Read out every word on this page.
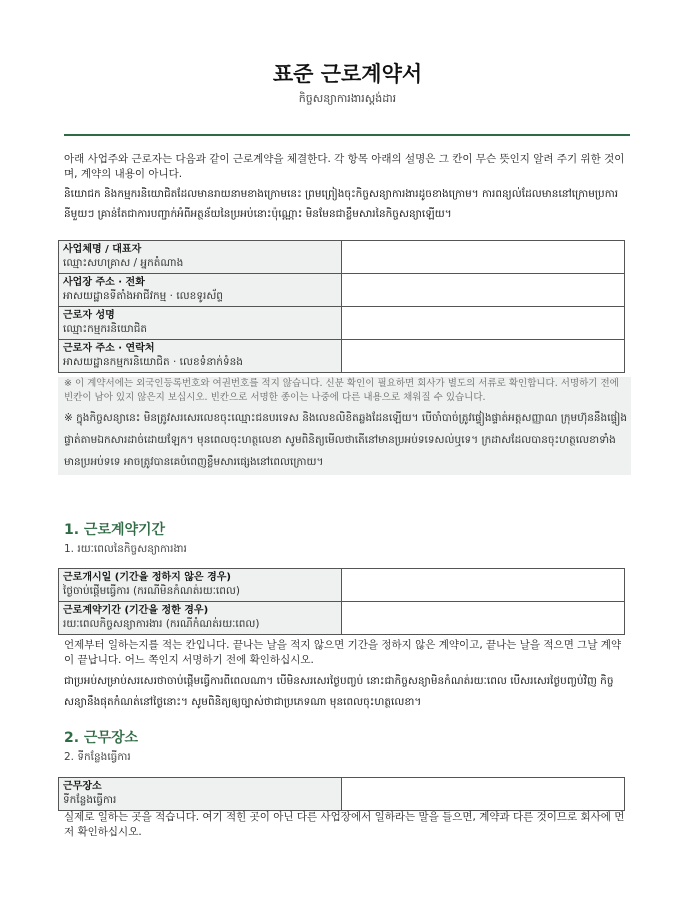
표준 근로계약서
កិច្ចសន្យាការងារស្តង់ដារ
아래 사업주와 근로자는 다음과 같이 근로계약을 체결한다. 각 항목 아래의 설명은 그 칸이 무슨 뜻인지 알려 주기 위한 것이며, 계약의 내용이 아니다.
និយោជក និងកម្មករនិយោជិតដែលមានរាយនាមខាងក្រោមនេះ ព្រមព្រៀងចុះកិច្ចសន្យាការងារដូចខាងក្រោម។ ការពន្យល់ដែលមាននៅក្រោមប្រការនីមួយៗ គ្រាន់តែជាការបញ្ជាក់អំពីអត្ថន័យនៃប្រអប់នោះប៉ុណ្ណោះ មិនមែនជាខ្លឹមសារនៃកិច្ចសន្យាឡើយ។
사업체명 / 대표자
ឈ្មោះសហគ្រាស / អ្នកតំណាង	

사업장 주소 · 전화
អាសយដ្ឋានទីតាំងអាជីវកម្ម · លេខទូរស័ព្ទ	

근로자 성명
ឈ្មោះកម្មករនិយោជិត	

근로자 주소 · 연락처
អាសយដ្ឋានកម្មករនិយោជិត · លេខទំនាក់ទំនង	

※ 이 계약서에는 외국인등록번호와 여권번호를 적지 않습니다. 신분 확인이 필요하면 회사가 별도의 서류로 확인합니다. 서명하기 전에 빈칸이 남아 있지 않은지 보십시오. 빈칸으로 서명한 종이는 나중에 다른 내용으로 채워질 수 있습니다.
※ ក្នុងកិច្ចសន្យានេះ មិនត្រូវសរសេរលេខចុះឈ្មោះជនបរទេស និងលេខលិខិតឆ្លងដែនឡើយ។ បើចាំបាច់ត្រូវផ្ទៀងផ្ទាត់អត្តសញ្ញាណ ក្រុមហ៊ុននឹងផ្ទៀងផ្ទាត់តាមឯកសារដាច់ដោយឡែក។ មុនពេលចុះហត្ថលេខា សូមពិនិត្យមើលថាតើនៅមានប្រអប់ទទេសល់ឬទេ។ ក្រដាសដែលបានចុះហត្ថលេខាទាំងមានប្រអប់ទទេ អាចត្រូវបានគេបំពេញខ្លឹមសារផ្សេងនៅពេលក្រោយ។
1. 근로계약기간
1. រយៈពេលនៃកិច្ចសន្យាការងារ
근로개시일 (기간을 정하지 않은 경우)
ថ្ងៃចាប់ផ្តើមធ្វើការ (ករណីមិនកំណត់រយៈពេល)	

근로계약기간 (기간을 정한 경우)
រយៈពេលកិច្ចសន្យាការងារ (ករណីកំណត់រយៈពេល)	

언제부터 일하는지를 적는 칸입니다. 끝나는 날을 적지 않으면 기간을 정하지 않은 계약이고, 끝나는 날을 적으면 그날 계약이 끝납니다. 어느 쪽인지 서명하기 전에 확인하십시오.
ជាប្រអប់សម្រាប់សរសេរថាចាប់ផ្តើមធ្វើការពីពេលណា។ បើមិនសរសេរថ្ងៃបញ្ចប់ នោះជាកិច្ចសន្យាមិនកំណត់រយៈពេល បើសរសេរថ្ងៃបញ្ចប់វិញ កិច្ចសន្យានឹងផុតកំណត់នៅថ្ងៃនោះ។ សូមពិនិត្យឲ្យច្បាស់ថាជាប្រភេទណា មុនពេលចុះហត្ថលេខា។
2. 근무장소
2. ទីកន្លែងធ្វើការ
근무장소
ទីកន្លែងធ្វើការ

실제로 일하는 곳을 적습니다. 여기 적힌 곳이 아닌 다른 사업장에서 일하라는 말을 들으면, 계약과 다른 것이므로 회사에 먼저 확인하십시오.
